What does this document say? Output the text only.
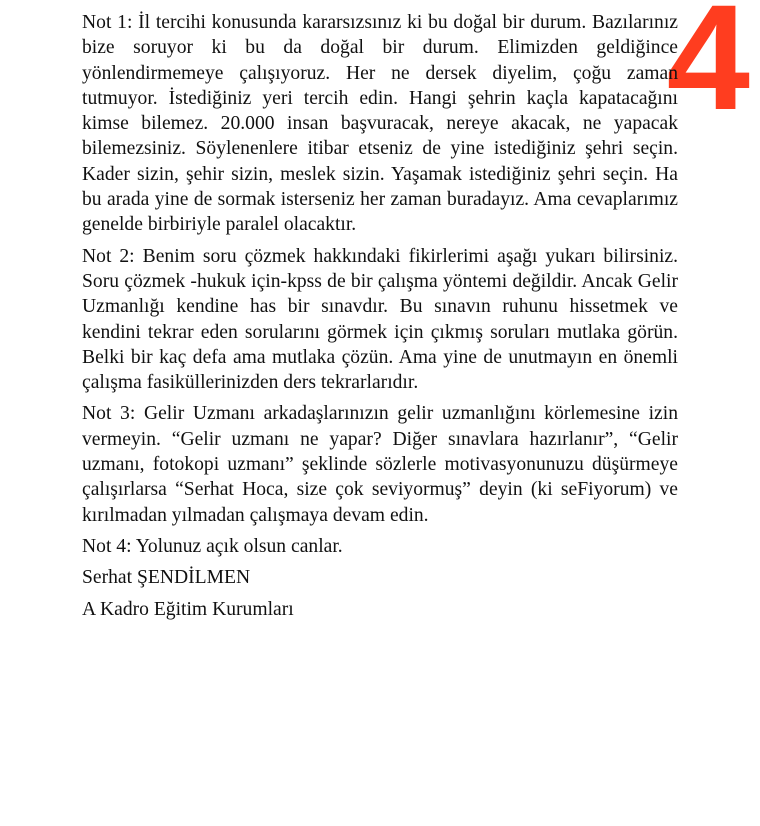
4

Not 1: İl tercihi konusunda kararsızsınız ki bu doğal bir durum. Bazılarınız bize soruyor ki bu da doğal bir durum. Elimizden geldiğince yönlendirmemeye çalışıyoruz. Her ne dersek diyelim, çoğu zaman tutmuyor. İstediğiniz yeri tercih edin. Hangi şehrin kaçla kapatacağını kimse bilemez. 20.000 insan başvuracak, nereye akacak, ne yapacak bilemezsiniz. Söylenenlere itibar etseniz de yine istediğiniz şehri seçin. Kader sizin, şehir sizin, meslek sizin. Yaşamak istediğiniz şehri seçin. Ha bu arada yine de sormak isterseniz her zaman buradayız. Ama cevaplarımız genelde birbiriyle paralel olacaktır.

Not 2: Benim soru çözmek hakkındaki fikirlerimi aşağı yukarı bilirsiniz. Soru çözmek -hukuk için-kpss de bir çalışma yöntemi değildir. Ancak Gelir Uzmanlığı kendine has bir sınavdır. Bu sınavın ruhunu hissetmek ve kendini tekrar eden sorularını görmek için çıkmış soruları mutlaka görün. Belki bir kaç defa ama mutlaka çözün. Ama yine de unutmayın en önemli çalışma fasiküllerinizden ders tekrarlarıdır.

Not 3: Gelir Uzmanı arkadaşlarınızın gelir uzmanlığını körlemesine izin vermeyin. “Gelir uzmanı ne yapar? Diğer sınavlara hazırlanır”, “Gelir uzmanı, fotokopi uzmanı” şeklinde sözlerle motivasyonunuzu düşürmeye çalışırlarsa “Serhat Hoca, size çok seviyormuş” deyin (ki seFiyorum) ve kırılmadan yılmadan çalışmaya devam edin.

Not 4: Yolunuz açık olsun canlar.

Serhat ŞENDİLMEN

A Kadro Eğitim Kurumları
